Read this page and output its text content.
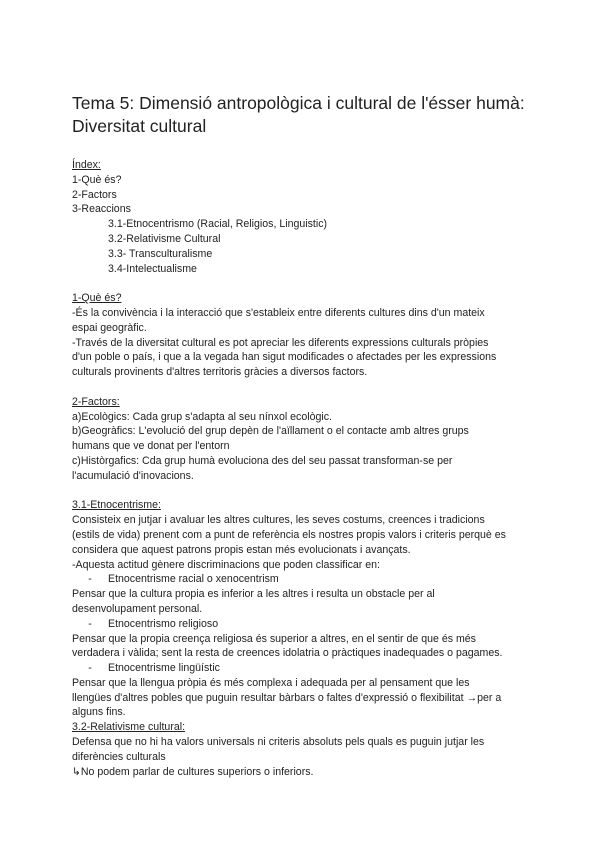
Tema 5: Dimensió antropològica i cultural de l'ésser humà:
Diversitat cultural

Índex:

1-Què és?

2-Factors

3-Reaccions

3.1-Etnocentrismo (Racial, Religios, Linguistic)

3.2-Relativisme Cultural

3.3- Transculturalisme

3.4-Intelectualisme

1-Què és?

-És la convivència i la interacció que s'estableix entre diferents cultures dins d'un mateix

espai geogràfic.

-Través de la diversitat cultural es pot apreciar les diferents expressions culturals pròpies

d'un poble o país, i que a la vegada han sigut modificades o afectades per les expressions

culturals provinents d'altres territoris gràcies a diversos factors.

2-Factors:

a)Ecològics: Cada grup s'adapta al seu nínxol ecològic.

b)Geogràfics: L'evolució del grup depèn de l'aïllament o el contacte amb altres grups

humans que ve donat per l'entorn

c)Històrgafics: Cda grup humà evoluciona des del seu passat transforman-se per

l'acumulació d'inovacions.

3.1-Etnocentrisme:

Consisteix en jutjar i avaluar les altres cultures, les seves costums, creences i tradicions

(estils de vida) prenent com a punt de referència els nostres propis valors i criteris perquè es

considera que aquest patrons propis estan més evolucionats i avançats.

-Aquesta actitud gènere discriminacions que poden classificar en:

-	Etnocentrisme racial o xenocentrism

Pensar que la cultura propia es inferior a les altres i resulta un obstacle per al

desenvolupament personal.

-	Etnocentrismo religioso

Pensar que la propia creença religiosa és superior a altres, en el sentir de que és més

verdadera i vàlida; sent la resta de creences idolatria o pràctiques inadequades o pagames.

-	Etnocentrisme lingüístic

Pensar que la llengua pròpia és més complexa i adequada per al pensament que les

llengües d'altres pobles que puguin resultar bàrbars o faltes d'expressió o flexibilitat →per a

alguns fins.

3.2-Relativisme cultural:

Defensa que no hi ha valors universals ni criteris absoluts pels quals es puguin jutjar les

diferències culturals

↳No podem parlar de cultures superiors o inferiors.
